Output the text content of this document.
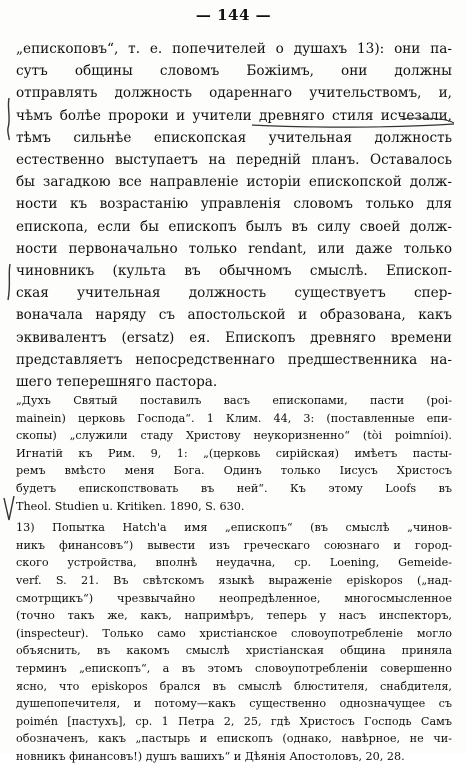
— 144 —
„епископовъ“, т. е. попечителей о душахъ 13): они па-
сутъ общины словомъ Божіимъ, они должны
отправлять должность одареннаго учительствомъ, и,
чѣмъ болѣе пророки и учители древняго стиля исчезали,
тѣмъ сильнѣе епископская учительная должность
естественно выступаетъ на передній планъ. Оставалось
бы загадкою все направленіе исторіи епископской долж-
ности къ возрастанію управленія словомъ только для
епископа, если бы епископъ былъ въ силу своей долж-
ности первоначально только rendant, или даже только
чиновникъ (культа въ обычномъ смыслѣ. Епископ-
ская учительная должность существуетъ спер-
воначала наряду съ апостольской и образована, какъ
эквивалентъ (ersatz) ея. Епископъ древняго времени
представляетъ непосредственнаго предшественника на-
шего теперешняго пастора.
„Духъ Святый поставилъ васъ епископами, пасти (poi-
mainein) церковь Господа“. 1 Клим. 44, 3: (поставленные епи-
скопы) „служили стаду Христову неукоризненно“ (tòi poimníoi).
Игнатій къ Рим. 9, 1: „(церковь сирійская) имѣетъ пасты-
ремъ вмѣсто меня Бога. Одинъ только Іисусъ Христосъ
будетъ епископствовать въ ней“. Къ этому Loofs въ
Theol. Studien u. Kritiken. 1890, S. 630.
13) Попытка Hatch'а имя „епископъ“ (въ смыслѣ „чинов-
никъ финансовъ“) вывести изъ греческаго союзнаго и город-
ского устройства, вполнѣ неудачна, ср. Loening, Gemeide-
verf. S. 21. Въ свѣтскомъ языкѣ выраженіе episkopos („над-
смотрщикъ“) чрезвычайно неопредѣленное, многосмысленное
(точно такъ же, какъ, напримѣръ, теперь у насъ инспекторъ,
(inspecteur). Только само христіанское словоупотребленіе могло
объяснить, въ какомъ смыслѣ христіанская община приняла
терминъ „епископъ“, а въ этомъ словоупотребленіи совершенно
ясно, что episkopos брался въ смыслѣ блюстителя, снабдителя,
душепопечителя, и потому—какъ существенно однозначущее съ
poimén [пастухъ], ср. 1 Петра 2, 25, гдѣ Христосъ Господь Самъ
обозначенъ, какъ „пастырь и епископъ (однако, навѣрное, не чи-
новникъ финансовъ!) душъ вашихъ“ и Дѣянія Апостоловъ, 20, 28.
